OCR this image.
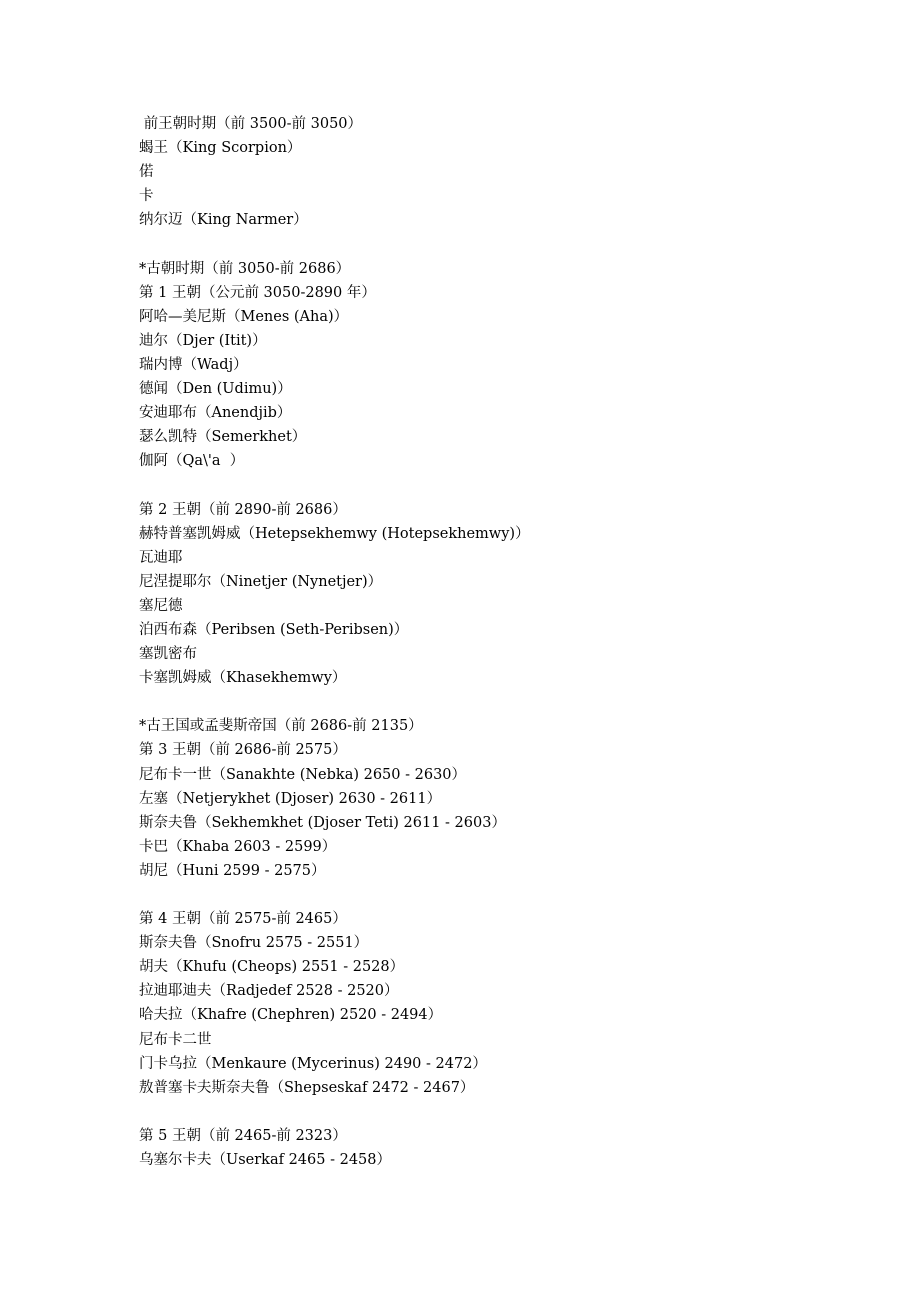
前王朝时期（前 3500-前 3050）
蝎王（King Scorpion）
偌
卡
纳尔迈（King Narmer）
*古朝时期（前 3050-前 2686）
第 1 王朝（公元前 3050-2890 年）
阿哈—美尼斯（Menes (Aha)）
迪尔（Djer (Itit)）
瑞内博（Wadj）
德闻（Den (Udimu)）
安迪耶布（Anendjib）
瑟么凯特（Semerkhet）
伽阿（Qa\'a  ）
第 2 王朝（前 2890-前 2686）
赫特普塞凯姆威（Hetepsekhemwy (Hotepsekhemwy)）
瓦迪耶
尼涅提耶尔（Ninetjer (Nynetjer)）
塞尼德
泊西布森（Peribsen (Seth-Peribsen)）
塞凯密布
卡塞凯姆威（Khasekhemwy）
*古王国或孟斐斯帝国（前 2686-前 2135）
第 3 王朝（前 2686-前 2575）
尼布卡一世（Sanakhte (Nebka) 2650 - 2630）
左塞（Netjerykhet (Djoser) 2630 - 2611）
斯奈夫鲁（Sekhemkhet (Djoser Teti) 2611 - 2603）
卡巴（Khaba 2603 - 2599）
胡尼（Huni 2599 - 2575）
第 4 王朝（前 2575-前 2465）
斯奈夫鲁（Snofru 2575 - 2551）
胡夫（Khufu (Cheops) 2551 - 2528）
拉迪耶迪夫（Radjedef 2528 - 2520）
哈夫拉（Khafre (Chephren) 2520 - 2494）
尼布卡二世
门卡乌拉（Menkaure (Mycerinus) 2490 - 2472）
敖普塞卡夫斯奈夫鲁（Shepseskaf 2472 - 2467）
第 5 王朝（前 2465-前 2323）
乌塞尔卡夫（Userkaf 2465 - 2458）
